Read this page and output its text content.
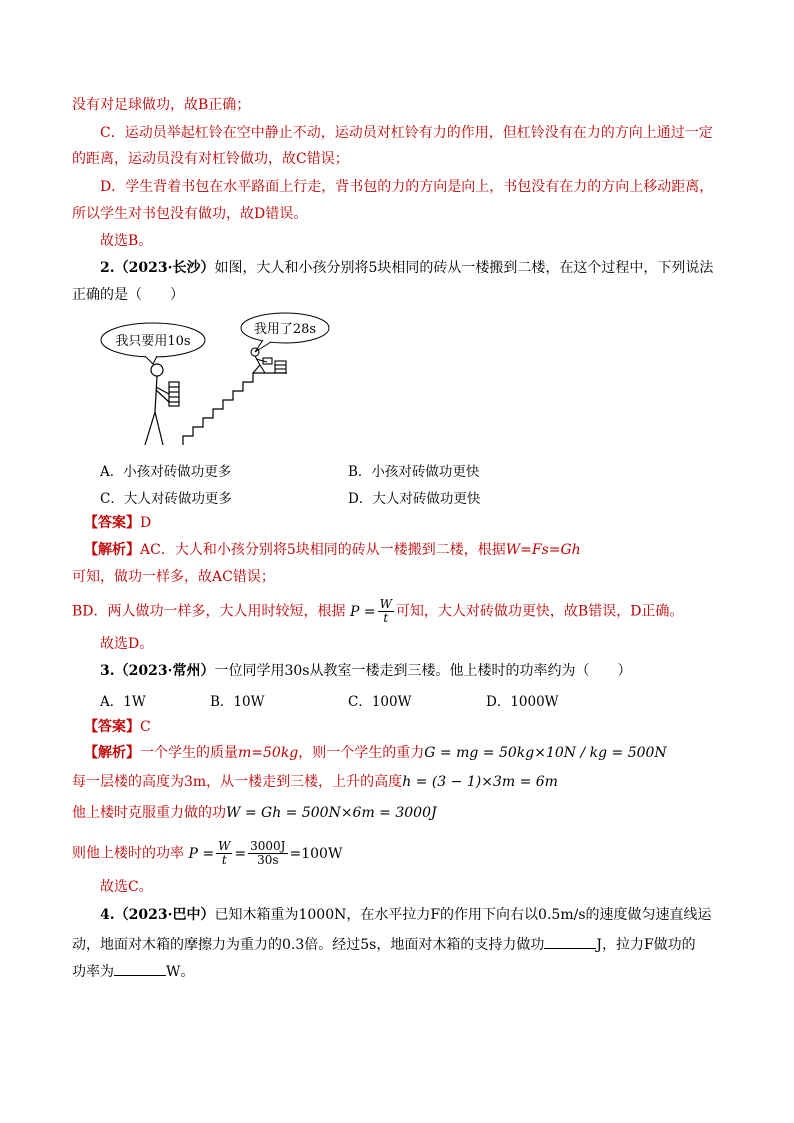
没有对足球做功，故B正确；
C．运动员举起杠铃在空中静止不动，运动员对杠铃有力的作用，但杠铃没有在力的方向上通过一定
的距离，运动员没有对杠铃做功，故C错误；
D．学生背着书包在水平路面上行走，背书包的力的方向是向上，书包没有在力的方向上移动距离，
所以学生对书包没有做功，故D错误。
故选B。
2.（2023·长沙）如图，大人和小孩分别将5块相同的砖从一楼搬到二楼，在这个过程中，下列说法
正确的是（　　）
我只要用10s
我用了28s
A．小孩对砖做功更多	B．小孩对砖做功更快
C．大人对砖做功更多	D．大人对砖做功更快
【答案】D
【解析】AC．大人和小孩分别将5块相同的砖从一楼搬到二楼，根据W=Fs=Gh
可知，做功一样多，故AC错误；
BD．两人做功一样多，大人用时较短，根据 $P = \frac{W}{t}$ 可知，大人对砖做功更快，故B错误，D正确。
故选D。
3.（2023·常州）一位同学用30s从教室一楼走到三楼。他上楼时的功率约为（　　）
A．1W	B．10W	C．100W	D．1000W
【答案】C
【解析】一个学生的质量m=50kg，则一个学生的重力G = mg = 50kg×10N / kg = 500N
每一层楼的高度为3m，从一楼走到三楼，上升的高度h = (3 − 1)×3m = 6m
他上楼时克服重力做的功W = Gh = 500N×6m = 3000J
则他上楼时的功率 $P = \frac{W}{t} = \frac{3000J}{30s} =100W$
故选C。
4.（2023·巴中）已知木箱重为1000N，在水平拉力F的作用下向右以0.5m/s的速度做匀速直线运
动，地面对木箱的摩擦力为重力的0.3倍。经过5s，地面对木箱的支持力做功	J，拉力F做功的
功率为	W。
